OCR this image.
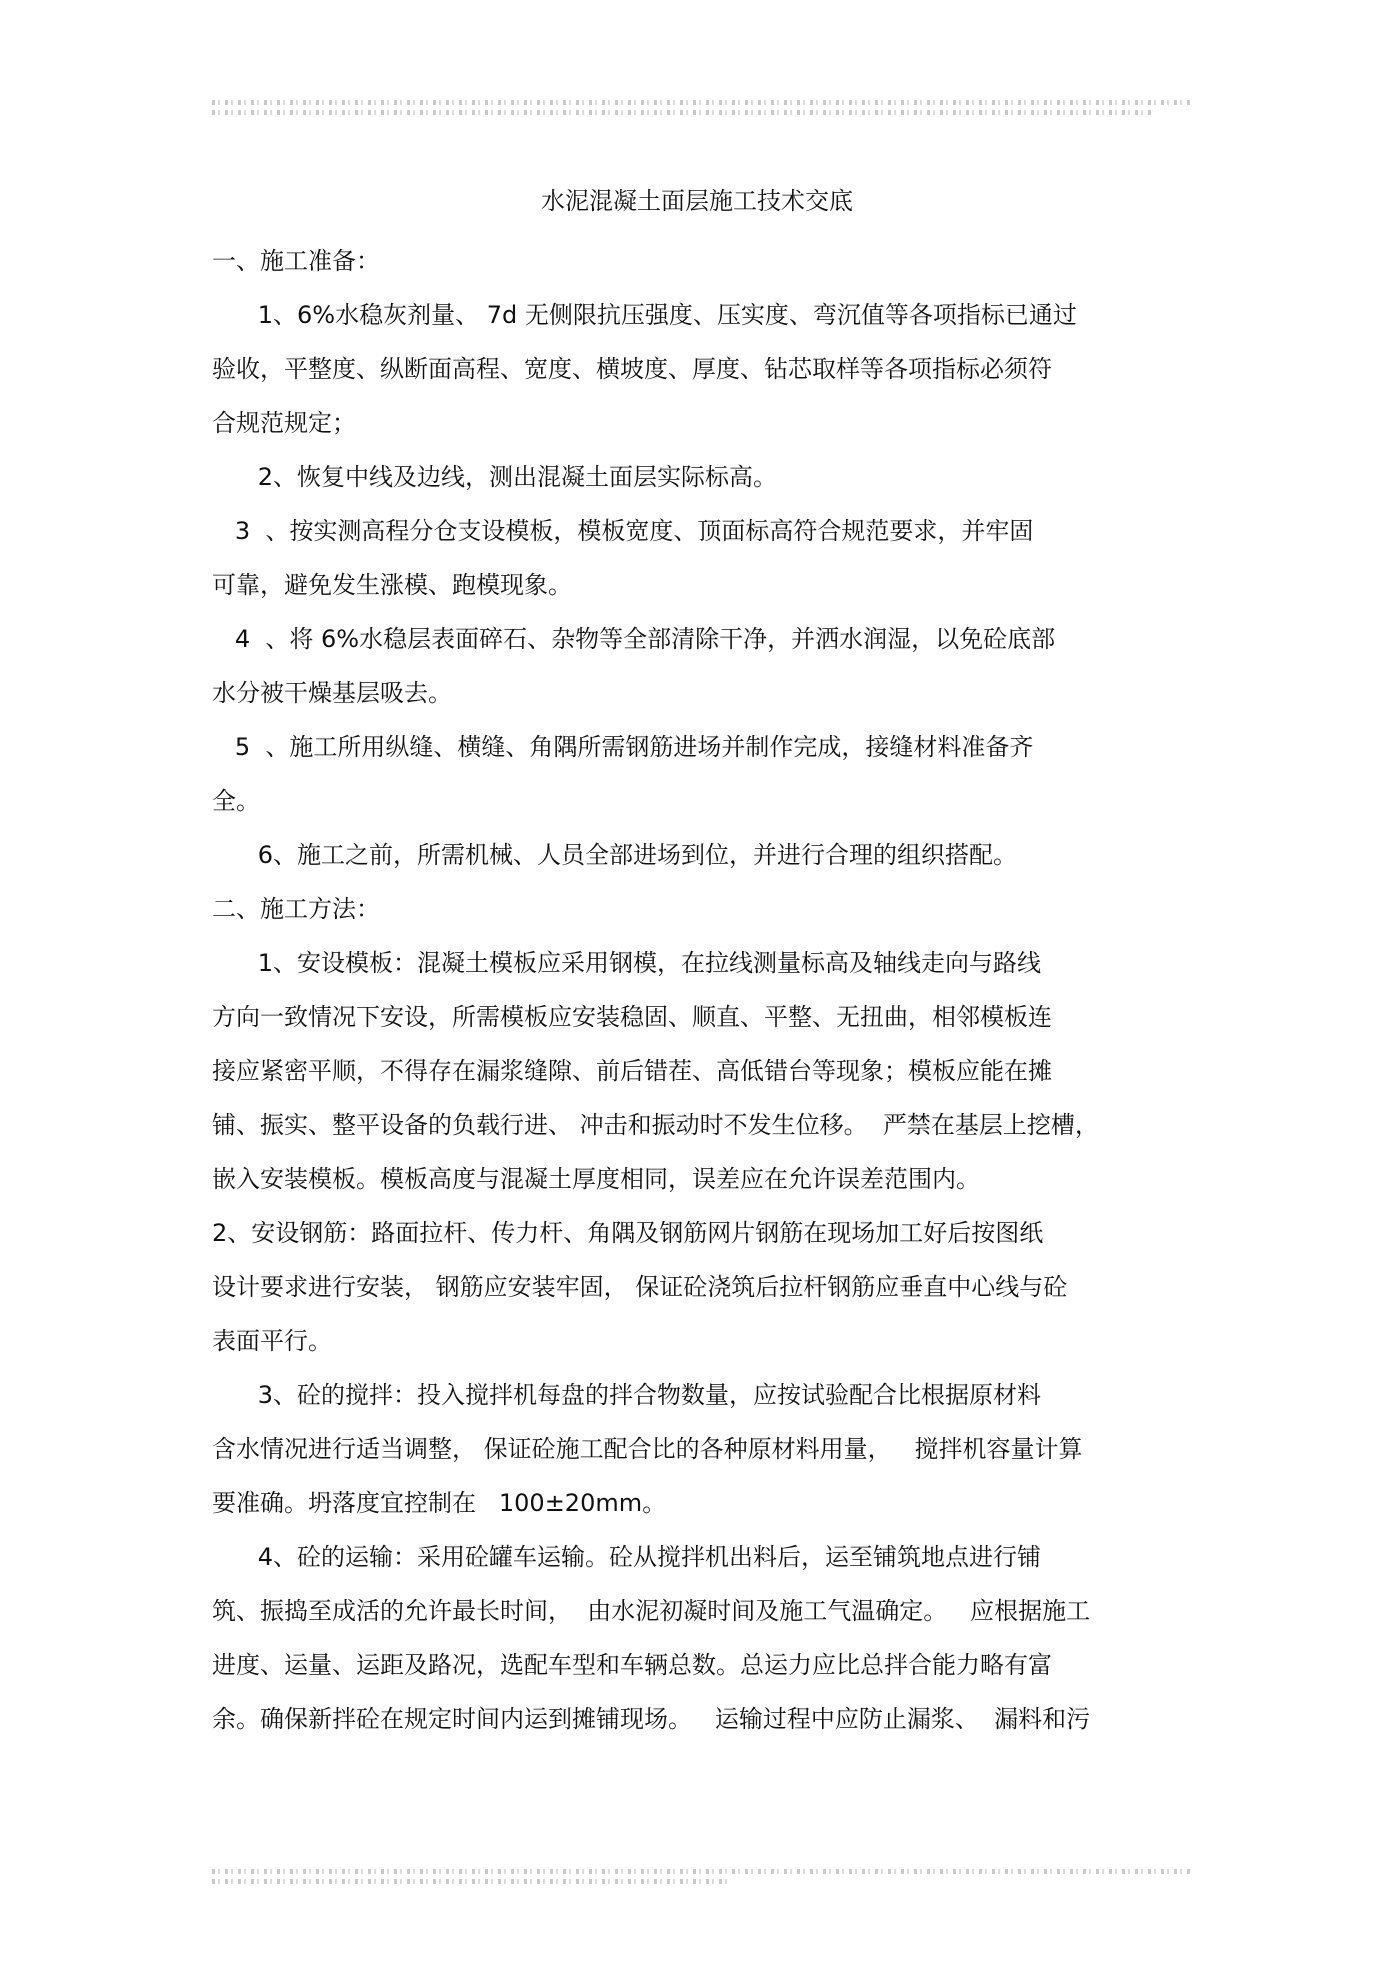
水泥混凝土面层施工技术交底

一、施工准备：

1、6%水稳灰剂量、 7d 无侧限抗压强度、压实度、弯沉值等各项指标已通过

验收，平整度、纵断面高程、宽度、横坡度、厚度、钻芯取样等各项指标必须符

合规范规定；

2、恢复中线及边线，测出混凝土面层实际标高。

3  、按实测高程分仓支设模板，模板宽度、顶面标高符合规范要求，并牢固

可靠，避免发生涨模、跑模现象。

4  、将 6%水稳层表面碎石、杂物等全部清除干净，并洒水润湿，以免砼底部

水分被干燥基层吸去。

5  、施工所用纵缝、横缝、角隅所需钢筋进场并制作完成，接缝材料准备齐

全。

6、施工之前，所需机械、人员全部进场到位，并进行合理的组织搭配。

二、施工方法：

1、安设模板：混凝土模板应采用钢模，在拉线测量标高及轴线走向与路线

方向一致情况下安设，所需模板应安装稳固、顺直、平整、无扭曲，相邻模板连

接应紧密平顺，不得存在漏浆缝隙、前后错茬、高低错台等现象；模板应能在摊

铺、振实、整平设备的负载行进、 冲击和振动时不发生位移。  严禁在基层上挖槽，

嵌入安装模板。模板高度与混凝土厚度相同，误差应在允许误差范围内。

2、安设钢筋：路面拉杆、传力杆、角隅及钢筋网片钢筋在现场加工好后按图纸

设计要求进行安装， 钢筋应安装牢固， 保证砼浇筑后拉杆钢筋应垂直中心线与砼

表面平行。

3、砼的搅拌：投入搅拌机每盘的拌合物数量，应按试验配合比根据原材料

含水情况进行适当调整， 保证砼施工配合比的各种原材料用量，   搅拌机容量计算

要准确。坍落度宜控制在   100±20mm。

4、砼的运输：采用砼罐车运输。砼从搅拌机出料后，运至铺筑地点进行铺

筑、振捣至成活的允许最长时间，  由水泥初凝时间及施工气温确定。   应根据施工

进度、运量、运距及路况，选配车型和车辆总数。总运力应比总拌合能力略有富

余。确保新拌砼在规定时间内运到摊铺现场。   运输过程中应防止漏浆、  漏料和污
